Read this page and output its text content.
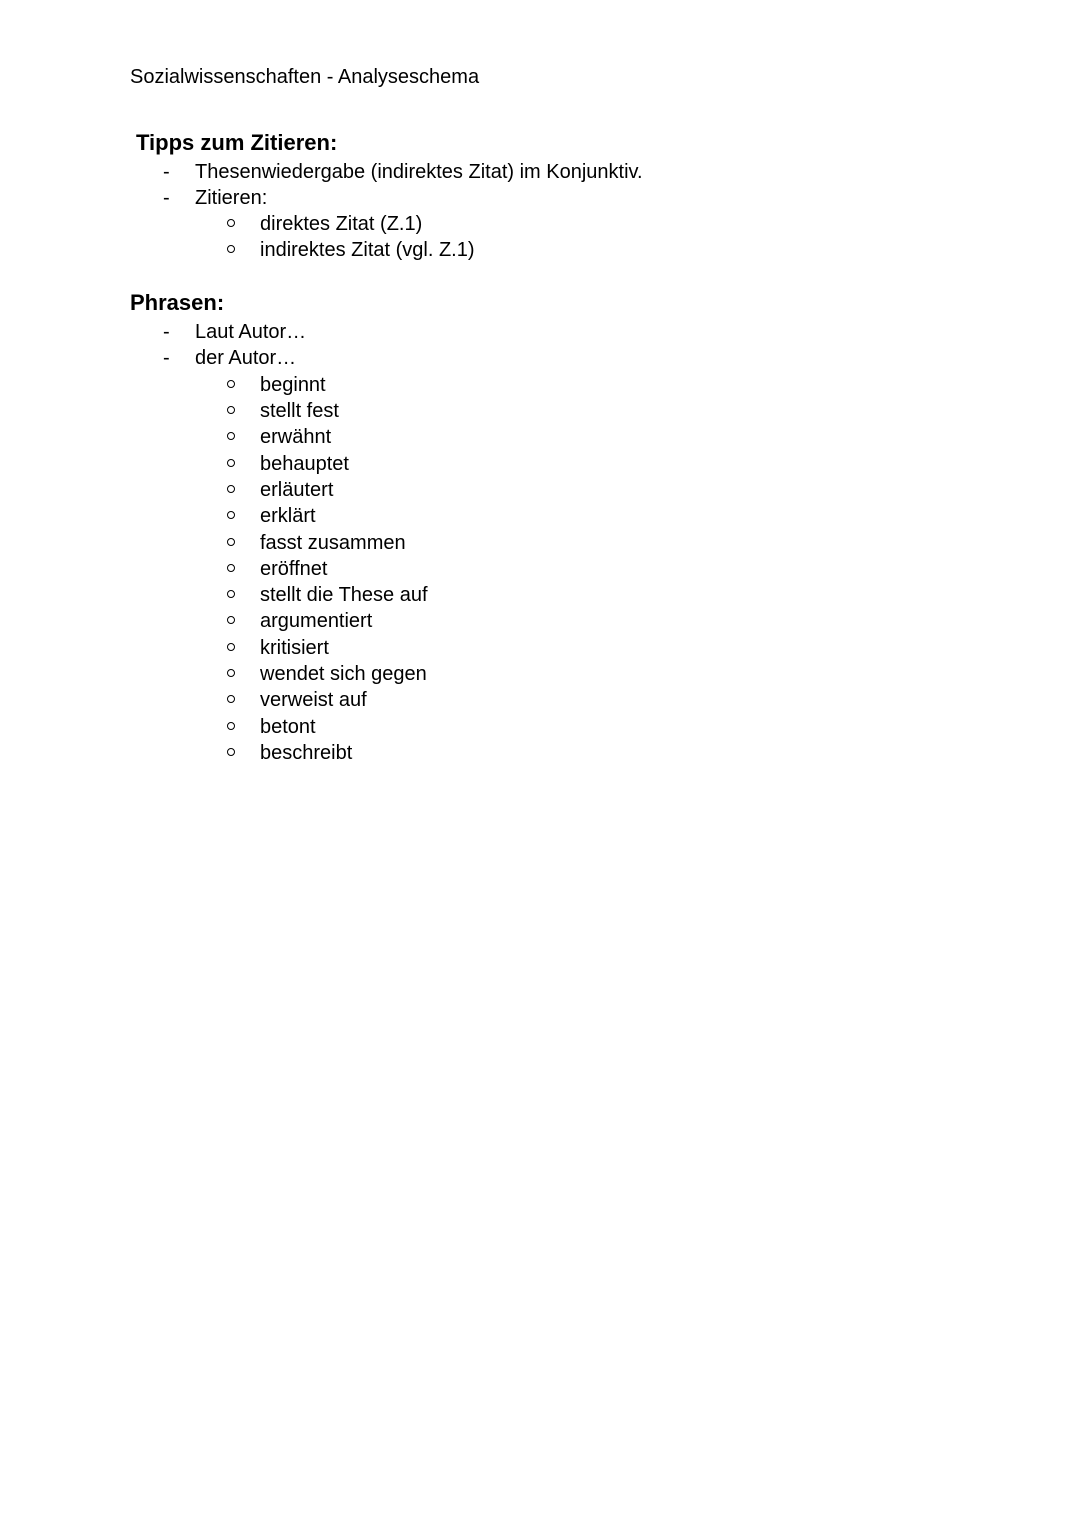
Sozialwissenschaften - Analyseschema
Tipps zum Zitieren:
-	Thesenwiedergabe (indirektes Zitat) im Konjunktiv.
-	Zitieren:
direktes Zitat (Z.1)
indirektes Zitat (vgl. Z.1)
Phrasen:
-	Laut Autor…
-	der Autor…
beginnt
stellt fest
erwähnt
behauptet
erläutert
erklärt
fasst zusammen
eröffnet
stellt die These auf
argumentiert
kritisiert
wendet sich gegen
verweist auf
betont
beschreibt
